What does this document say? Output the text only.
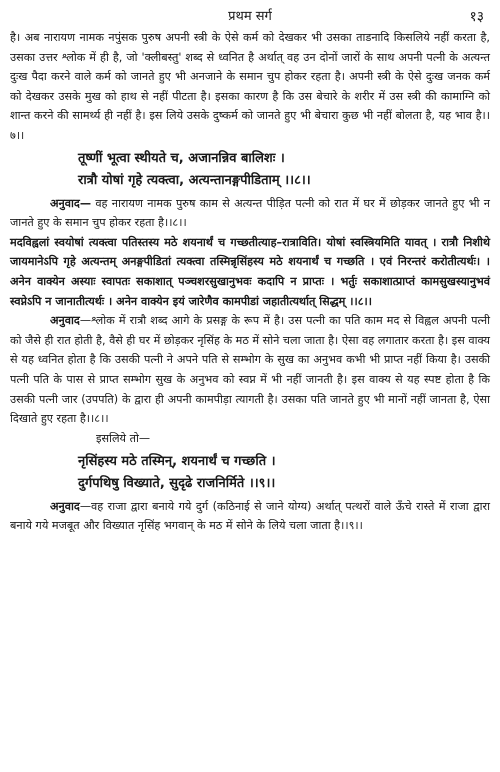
प्रथम सर्ग	१३

है। अब नारायण नामक नपुंसक पुरुष अपनी स्त्री के ऐसे कर्म को देखकर भी उसका ताडनादि किसलिये नहीं करता है, उसका उत्तर श्लोक में ही है, जो 'क्लीबस्तु' शब्द से ध्वनित है अर्थात् वह उन दोनों जारों के साथ अपनी पत्नी के अत्यन्त दुःख पैदा करने वाले कर्म को जानते हुए भी अनजाने के समान चुप होकर रहता है। अपनी स्त्री के ऐसे दुःख जनक कर्म को देखकर उसके मुख को हाथ से नहीं पीटता है। इसका कारण है कि उस बेचारे के शरीर में उस स्त्री की कामाग्नि को शान्त करने की सामर्थ्य ही नहीं है। इस लिये उसके दुष्कर्म को जानते हुए भी बेचारा कुछ भी नहीं बोलता है, यह भाव है।।७।।

तूष्णीं भूत्वा स्थीयते च, अजानन्निव बालिशः ।
रात्रौ योषां गृहे त्यक्त्वा, अत्यन्तानङ्गपीडिताम् ।।८।।

अनुवाद— वह नारायण नामक पुरुष काम से अत्यन्त पीड़ित पत्नी को रात में घर में छोड़कर जानते हुए भी न जानते हुए के समान चुप होकर रहता है।।८।।

मदविह्वलां स्वयोषां त्यक्त्वा पतिस्तस्य मठे शयनार्थं च गच्छतीत्याह–रात्राविति। योषां स्वस्त्रियमिति यावत् । रात्रौ निशीथे जायमानेऽपि गृहे अत्यन्तम् अनङ्गपीडितां त्यक्त्वा तस्मिन्नृसिंहस्य मठे शयनार्थं च गच्छति । एवं निरन्तरं करोतीत्यर्थः। । अनेन वाक्येन अस्याः स्वापतः सकाशात् पञ्चशरसुखानुभवः कदापि न प्राप्तः । भर्तुः सकाशात्प्राप्तं कामसुखस्यानुभवं स्वप्नेऽपि न जानातीत्यर्थः । अनेन वाक्येन इयं जारेणैव कामपीडां जहातीत्यर्थात् सिद्धम् ।।८।।

अनुवाद—श्लोक में रात्रौ शब्द आगे के प्रसङ्ग के रूप में है। उस पत्नी का पति काम मद से विह्वल अपनी पत्नी को जैसे ही रात होती है, वैसे ही घर में छोड़कर नृसिंह के मठ में सोने चला जाता है। ऐसा वह लगातार करता है। इस वाक्य से यह ध्वनित होता है कि उसकी पत्नी ने अपने पति से सम्भोग के सुख का अनुभव कभी भी प्राप्त नहीं किया है। उसकी पत्नी पति के पास से प्राप्त सम्भोग सुख के अनुभव को स्वप्न में भी नहीं जानती है। इस वाक्य से यह स्पष्ट होता है कि उसकी पत्नी जार (उपपति) के द्वारा ही अपनी कामपीड़ा त्यागती है। उसका पति जानते हुए भी मानों नहीं जानता है, ऐसा दिखाते हुए रहता है।।८।।

इसलिये तो—

नृसिंहस्य मठे तस्मिन्, शयनार्थं च गच्छति ।
दुर्गपथिषु विख्याते, सुदृढे राजनिर्मिते ।।९।।

अनुवाद—वह राजा द्वारा बनाये गये दुर्ग (कठिनाई से जाने योग्य) अर्थात् पत्थरों वाले ऊँचे रास्ते में राजा द्वारा बनाये गये मजबूत और विख्यात नृसिंह भगवान् के मठ में सोने के लिये चला जाता है।।९।।
